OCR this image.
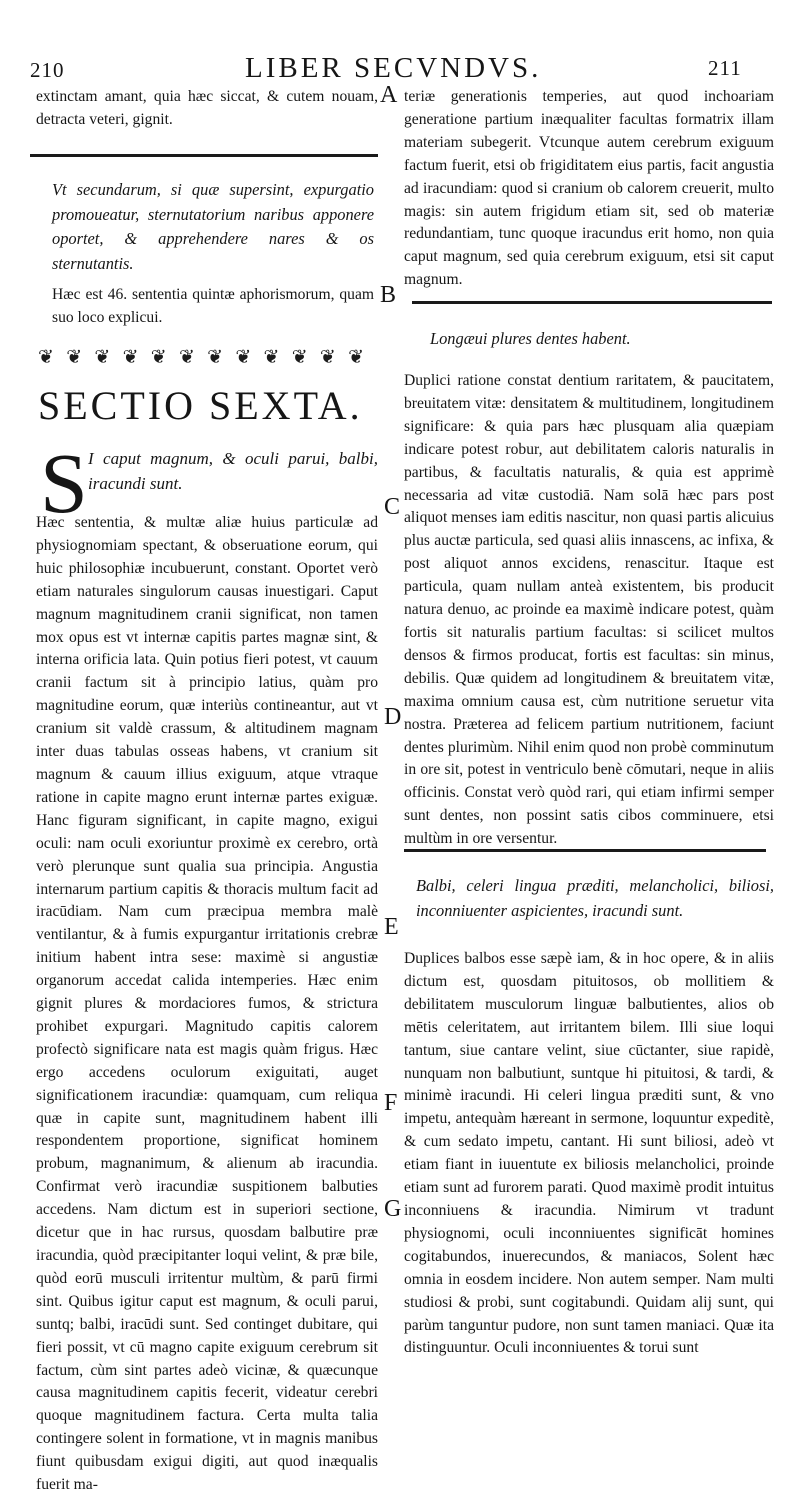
210	LIBER SECVNDVS.	211
extinctam amant, quia hæc siccat, & cutem nouam, detracta veteri, gignit.
Vt secundarum, si quæ supersint, expurgatio promoueatur, sternutatorium naribus apponere oportet, & apprehendere nares & os sternutantis.
Hæc est 46. sententia quintæ aphorismorum, quam suo loco explicui.
❦ ❦ ❦ ❦ ❦ ❦ ❦ ❦ ❦ ❦ ❦ ❦
SECTIO SEXTA.
S I caput magnum, & oculi parui, balbi, iracundi sunt.
Hæc sententia, & multæ aliæ huius particulæ ad physiognomiam spectant, & obseruatione eorum, qui huic philosophiæ incubuerunt, constant. Oportet verò etiam naturales singulorum causas inuestigari. Caput magnum magnitudinem cranii significat, non tamen mox opus est vt internæ capitis partes magnæ sint, & interna orificia lata. Quin potius fieri potest, vt cauum cranii factum sit à principio latius, quàm pro magnitudine eorum, quæ interiùs contineantur, aut vt cranium sit valdè crassum, & altitudinem magnam inter duas tabulas osseas habens, vt cranium sit magnum & cauum illius exiguum, atque vtraque ratione in capite magno erunt internæ partes exiguæ. Hanc figuram significant, in capite magno, exigui oculi: nam oculi exoriuntur proximè ex cerebro, ortà verò plerunque sunt qualia sua principia. Angustia internarum partium capitis & thoracis multum facit ad iracūdiam. Nam cum præcipua membra malè ventilantur, & à fumis expurgantur irritationis crebræ initium habent intra sese: maximè si angustiæ organorum accedat calida intemperies. Hæc enim gignit plures & mordaciores fumos, & strictura prohibet expurgari. Magnitudo capitis calorem profectò significare nata est magis quàm frigus. Hæc ergo accedens oculorum exiguitati, auget significationem iracundiæ: quamquam, cum reliqua quæ in capite sunt, magnitudinem habent illi respondentem proportione, significat hominem probum, magnanimum, & alienum ab iracundia. Confirmat verò iracundiæ suspitionem balbuties accedens. Nam dictum est in superiori sectione, dicetur que in hac rursus, quosdam balbutire præ iracundia, quòd præcipitanter loqui velint, & præ bile, quòd eorū musculi irritentur multùm, & parū firmi sint. Quibus igitur caput est magnum, & oculi parui, suntq; balbi, iracūdi sunt. Sed continget dubitare, qui fieri possit, vt cū magno capite exiguum cerebrum sit factum, cùm sint partes adeò vicinæ, & quæcunque causa magnitudinem capitis fecerit, videatur cerebri quoque magnitudinem factura. Certa multa talia contingere solent in formatione, vt in magnis manibus fiunt quibusdam exigui digiti, aut quod inæqualis fuerit ma-
teriæ generationis temperies, aut quod inchoariam generatione partium inæqualiter facultas formatrix illam materiam subegerit. Vtcunque autem cerebrum exiguum factum fuerit, etsi ob frigiditatem eius partis, facit angustia ad iracundiam: quod si cranium ob calorem creuerit, multo magis: sin autem frigidum etiam sit, sed ob materiæ redundantiam, tunc quoque iracundus erit homo, non quia caput magnum, sed quia cerebrum exiguum, etsi sit caput magnum.
Longæui plures dentes habent.
Duplici ratione constat dentium raritatem, & paucitatem, breuitatem vitæ: densitatem & multitudinem, longitudinem significare: & quia pars hæc plusquam alia quæpiam indicare potest robur, aut debilitatem caloris naturalis in partibus, & facultatis naturalis, & quia est apprimè necessaria ad vitæ custodiā. Nam solā hæc pars post aliquot menses iam editis nascitur, non quasi partis alicuius plus auctæ particula, sed quasi aliis innascens, ac infixa, & post aliquot annos excidens, renascitur. Itaque est particula, quam nullam anteà existentem, bis producit natura denuo, ac proinde ea maximè indicare potest, quàm fortis sit naturalis partium facultas: si scilicet multos densos & firmos producat, fortis est facultas: sin minus, debilis. Quæ quidem ad longitudinem & breuitatem vitæ, maxima omnium causa est, cùm nutritione seruetur vita nostra. Præterea ad felicem partium nutritionem, faciunt dentes plurimùm. Nihil enim quod non probè comminutum in ore sit, potest in ventriculo benè cōmutari, neque in aliis officinis. Constat verò quòd rari, qui etiam infirmi semper sunt dentes, non possint satis cibos comminuere, etsi multùm in ore versentur.
Balbi, celeri lingua præditi, melancholici, biliosi, inconniuenter aspicientes, iracundi sunt.
Duplices balbos esse sæpè iam, & in hoc opere, & in aliis dictum est, quosdam pituitosos, ob mollitiem & debilitatem musculorum linguæ balbutientes, alios ob mētis celeritatem, aut irritantem bilem. Illi siue loqui tantum, siue cantare velint, siue cūctanter, siue rapidè, nunquam non balbutiunt, suntque hi pituitosi, & tardi, & minimè iracundi. Hi celeri lingua præditi sunt, & vno impetu, antequàm hæreant in sermone, loquuntur expeditè, & cum sedato impetu, cantant. Hi sunt biliosi, adeò vt etiam fiant in iuuentute ex biliosis melancholici, proinde etiam sunt ad furorem parati. Quod maximè prodit intuitus inconniuens & iracundia. Nimirum vt tradunt physiognomi, oculi inconniuentes significāt homines cogitabundos, inuerecundos, & maniacos, Solent hæc omnia in eosdem incidere. Non autem semper. Nam multi studiosi & probi, sunt cogitabundi. Quidam alij sunt, qui parùm tanguntur pudore, non sunt tamen maniaci. Quæ ita distinguuntur. Oculi inconniuentes & torui sunt
A
B
C
D
E
F
G
